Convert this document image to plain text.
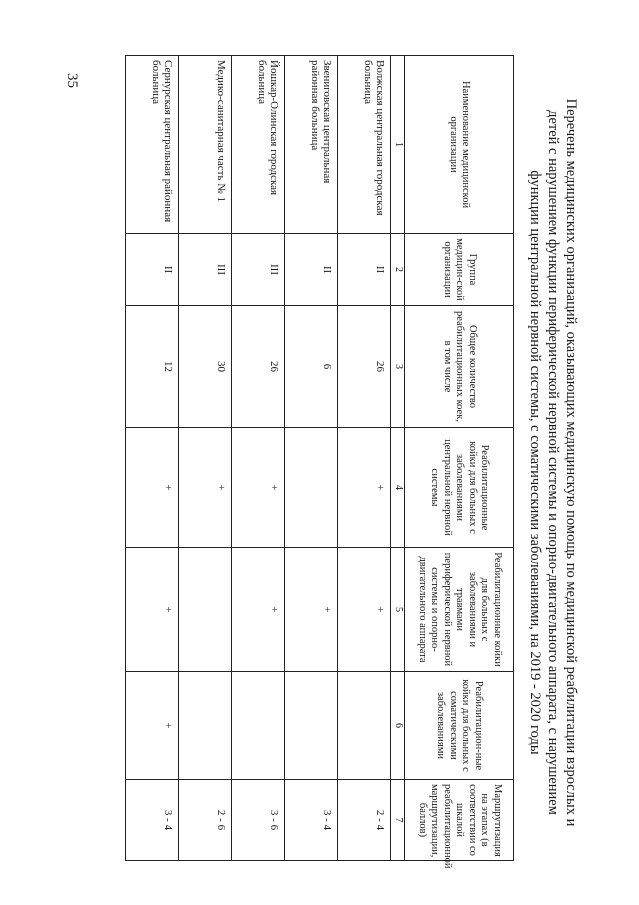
35
Перечень медицинских организаций, оказывающих медицинскую помощь по медицинской реабилитации взрослых и
детей с нарушением функции периферической нервной системы и опорно-двигательного аппарата, с нарушением
функции центральной нервной системы, с соматическими заболеваниями, на 2019 - 2020 годы
Наименование медицинской организации	Группа медицин-ской организации	Общее количество реабилитационных коек, в том числе	Реабилитационные койки для больных с заболеваниями центральной нервной системы	Реабилитационные койки для больных с заболеваниями и травмами периферической нервной системы и опорно-двигательного аппарата	Реабилитацион-ные койки для больных с соматическими заболеваниями	Маршрутизация на этапах (в соответствии со шкалой реабилитационной маршрутизации, баллов)
1	2	3	4	5	6	7
Волжская центральная городская больница	II	26	+	+		2 - 4
Звениговская центральная районная больница	II	6		+		3 - 4
Йошкар-Олинская городская больница	III	26	+	+		3 - 6
Медико-санитарная часть № 1	III	30	+			2 - 6
Сернурская центральная районная больница	II	12	+	+	+	3 - 4
